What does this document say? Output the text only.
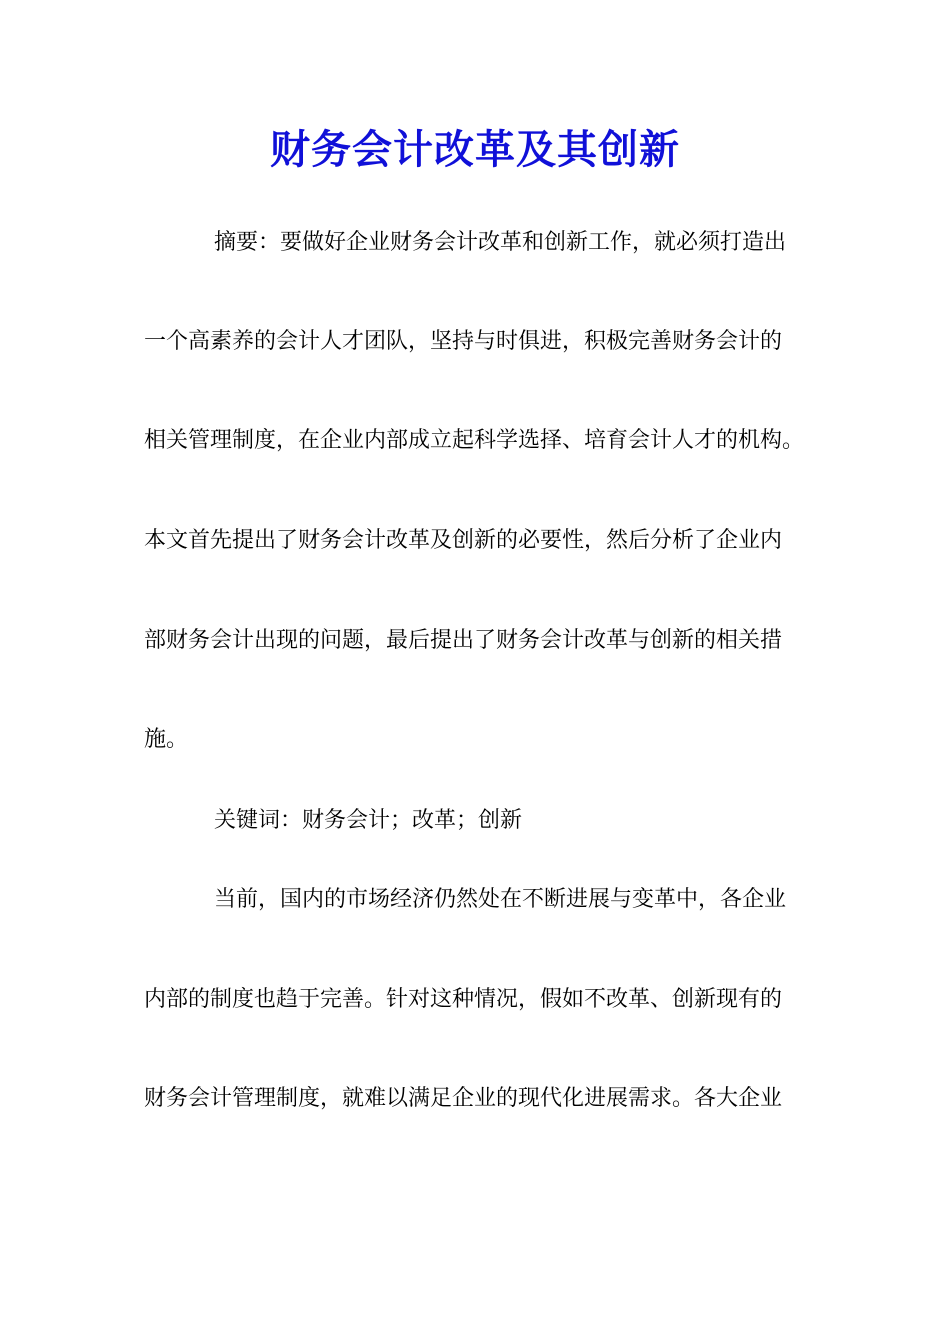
财务会计改革及其创新
摘要：要做好企业财务会计改革和创新工作，就必须打造出
一个高素养的会计人才团队，坚持与时俱进，积极完善财务会计的
相关管理制度，在企业内部成立起科学选择、培育会计人才的机构。
本文首先提出了财务会计改革及创新的必要性，然后分析了企业内
部财务会计出现的问题，最后提出了财务会计改革与创新的相关措
施。
关键词：财务会计；改革；创新
当前，国内的市场经济仍然处在不断进展与变革中，各企业
内部的制度也趋于完善。针对这种情况，假如不改革、创新现有的
财务会计管理制度，就难以满足企业的现代化进展需求。各大企业
